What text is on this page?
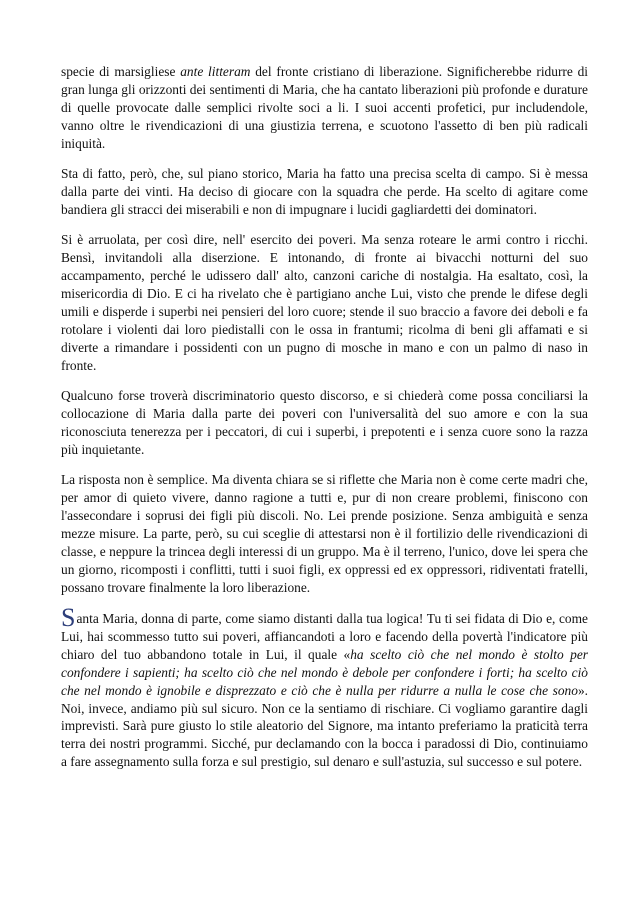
specie di marsigliese ante litteram del fronte cristiano di liberazione. Significherebbe ridurre di gran lunga gli orizzonti dei sentimenti di Maria, che ha cantato liberazioni più profonde e durature di quelle provocate dalle semplici rivolte soci a li. I suoi accenti profetici, pur includendole, vanno oltre le rivendicazioni di una giustizia terrena, e scuotono l'assetto di ben più radicali iniquità.

Sta di fatto, però, che, sul piano storico, Maria ha fatto una precisa scelta di campo. Si è messa dalla parte dei vinti. Ha deciso di giocare con la squadra che perde. Ha scelto di agitare come bandiera gli stracci dei miserabili e non di impugnare i lucidi gagliardetti dei dominatori.

Si è arruolata, per così dire, nell' esercito dei poveri. Ma senza roteare le armi contro i ricchi. Bensì, invitandoli alla diserzione. E intonando, di fronte ai bivacchi notturni del suo accampamento, perché le udissero dall' alto, canzoni cariche di nostalgia. Ha esaltato, così, la misericordia di Dio. E ci ha rivelato che è partigiano anche Lui, visto che prende le difese degli umili e disperde i superbi nei pensieri del loro cuore; stende il suo braccio a favore dei deboli e fa rotolare i violenti dai loro piedistalli con le ossa in frantumi; ricolma di beni gli affamati e si diverte a rimandare i possidenti con un pugno di mosche in mano e con un palmo di naso in fronte.

Qualcuno forse troverà discriminatorio questo discorso, e si chiederà come possa conciliarsi la collocazione di Maria dalla parte dei poveri con l'universalità del suo amore e con la sua riconosciuta tenerezza per i peccatori, di cui i superbi, i prepotenti e i senza cuore sono la razza più inquietante.

La risposta non è semplice. Ma diventa chiara se si riflette che Maria non è come certe madri che, per amor di quieto vivere, danno ragione a tutti e, pur di non creare problemi, finiscono con l'assecondare i soprusi dei figli più discoli. No. Lei prende posizione. Senza ambiguità e senza mezze misure. La parte, però, su cui sceglie di attestarsi non è il fortilizio delle rivendicazioni di classe, e neppure la trincea degli interessi di un gruppo. Ma è il terreno, l'unico, dove lei spera che un giorno, ricomposti i conflitti, tutti i suoi figli, ex oppressi ed ex oppressori, ridiventati fratelli, possano trovare finalmente la loro liberazione.

Santa Maria, donna di parte, come siamo distanti dalla tua logica! Tu ti sei fidata di Dio e, come Lui, hai scommesso tutto sui poveri, affiancandoti a loro e facendo della povertà l'indicatore più chiaro del tuo abbandono totale in Lui, il quale «ha scelto ciò che nel mondo è stolto per confondere i sapienti; ha scelto ciò che nel mondo è debole per confondere i forti; ha scelto ciò che nel mondo è ignobile e disprezzato e ciò che è nulla per ridurre a nulla le cose che sono». Noi, invece, andiamo più sul sicuro. Non ce la sentiamo di rischiare. Ci vogliamo garantire dagli imprevisti. Sarà pure giusto lo stile aleatorio del Signore, ma intanto preferiamo la praticità terra terra dei nostri programmi. Sicché, pur declamando con la bocca i paradossi di Dio, continuiamo a fare assegnamento sulla forza e sul prestigio, sul denaro e sull'astuzia, sul successo e sul potere.
